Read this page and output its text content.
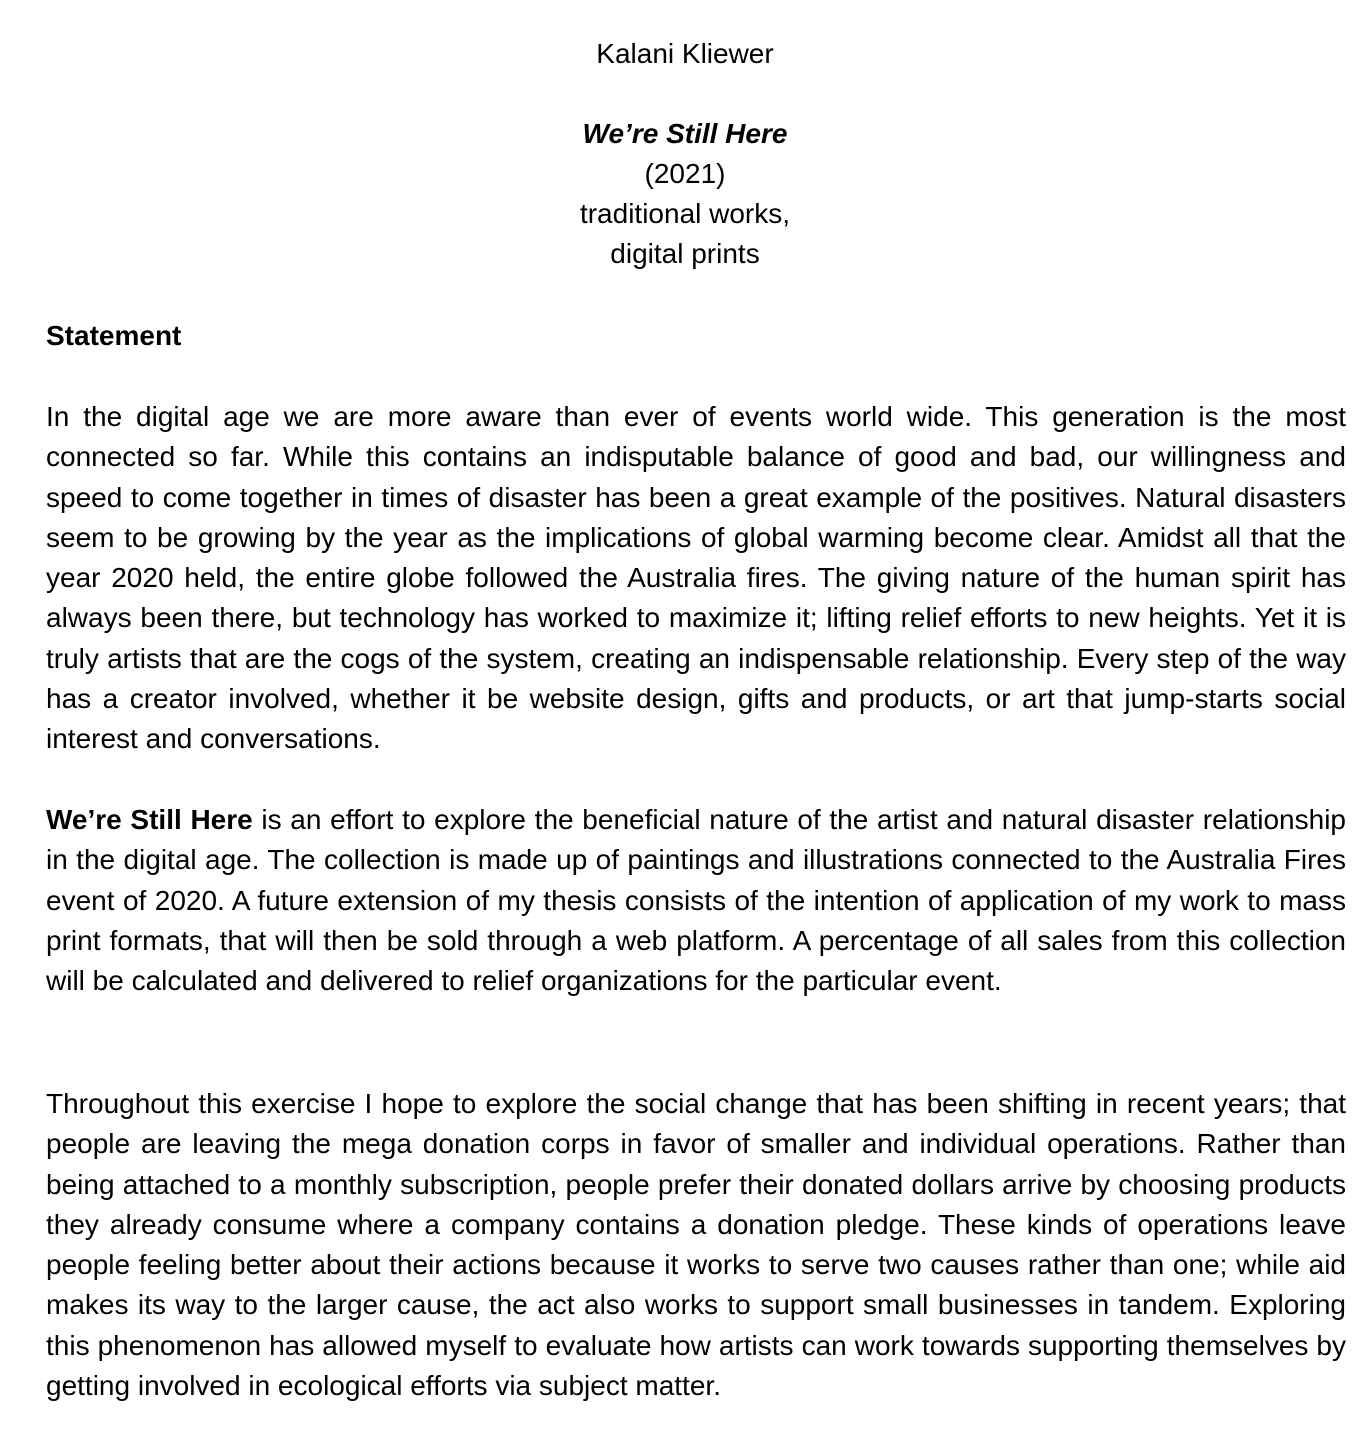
Kalani Kliewer
We’re Still Here
(2021)
traditional works,
digital prints
Statement

In the digital age we are more aware than ever of events world wide. This generation is the most connected so far. While this contains an indisputable balance of good and bad, our willingness and speed to come together in times of disaster has been a great example of the positives. Natural disasters seem to be growing by the year as the implications of global warming become clear. Amidst all that the year 2020 held, the entire globe followed the Australia fires. The giving nature of the human spirit has always been there, but technology has worked to maximize it; lifting relief efforts to new heights. Yet it is truly artists that are the cogs of the system, creating an indispensable relationship. Every step of the way has a creator involved, whether it be website design, gifts and products, or art that jump-starts social interest and conversations.

We’re Still Here is an effort to explore the beneficial nature of the artist and natural disaster relationship in the digital age. The collection is made up of paintings and illustrations connected to the Australia Fires event of 2020. A future extension of my thesis consists of the intention of application of my work to mass print formats, that will then be sold through a web platform. A percentage of all sales from this collection will be calculated and delivered to relief organizations for the particular event.

Throughout this exercise I hope to explore the social change that has been shifting in recent years; that people are leaving the mega donation corps in favor of smaller and individual operations. Rather than being attached to a monthly subscription, people prefer their donated dollars arrive by choosing products they already consume where a company contains a donation pledge. These kinds of operations leave people feeling better about their actions because it works to serve two causes rather than one; while aid makes its way to the larger cause, the act also works to support small businesses in tandem. Exploring this phenomenon has allowed myself to evaluate how artists can work towards supporting themselves by getting involved in ecological efforts via subject matter.
